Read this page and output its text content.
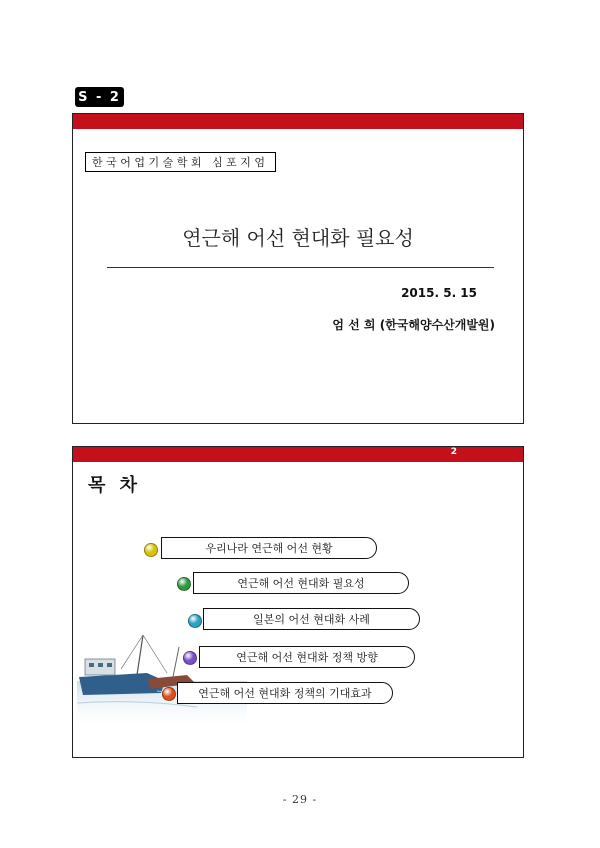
S - 2
한국어업기술학회 심포지엄
연근해 어선 현대화 필요성
2015. 5. 15
엄 선 희 (한국해양수산개발원)
2
목 차
우리나라 연근해 어선 현황
연근해 어선 현대화 필요성
일본의 어선 현대화 사례
연근해 어선 현대화 정책 방향
연근해 어선 현대화 정책의 기대효과
- 29 -
